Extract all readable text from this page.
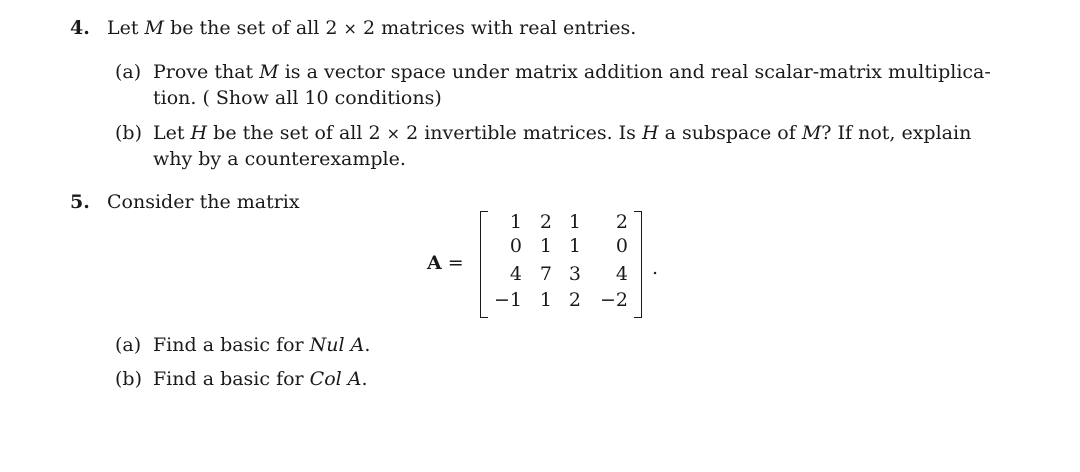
4. Let M be the set of all 2 × 2 matrices with real entries.
(a) Prove that M is a vector space under matrix addition and real scalar-matrix multiplica-
tion. ( Show all 10 conditions)
(b) Let H be the set of all 2 × 2 invertible matrices. Is H a subspace of M? If not, explain
why by a counterexample.
5. Consider the matrix
A =
1 2 1	2
0 1 1	0
4 7 3	4
−1 1 2 −2
.
(a) Find a basic for Nul A.
(b) Find a basic for Col A.
